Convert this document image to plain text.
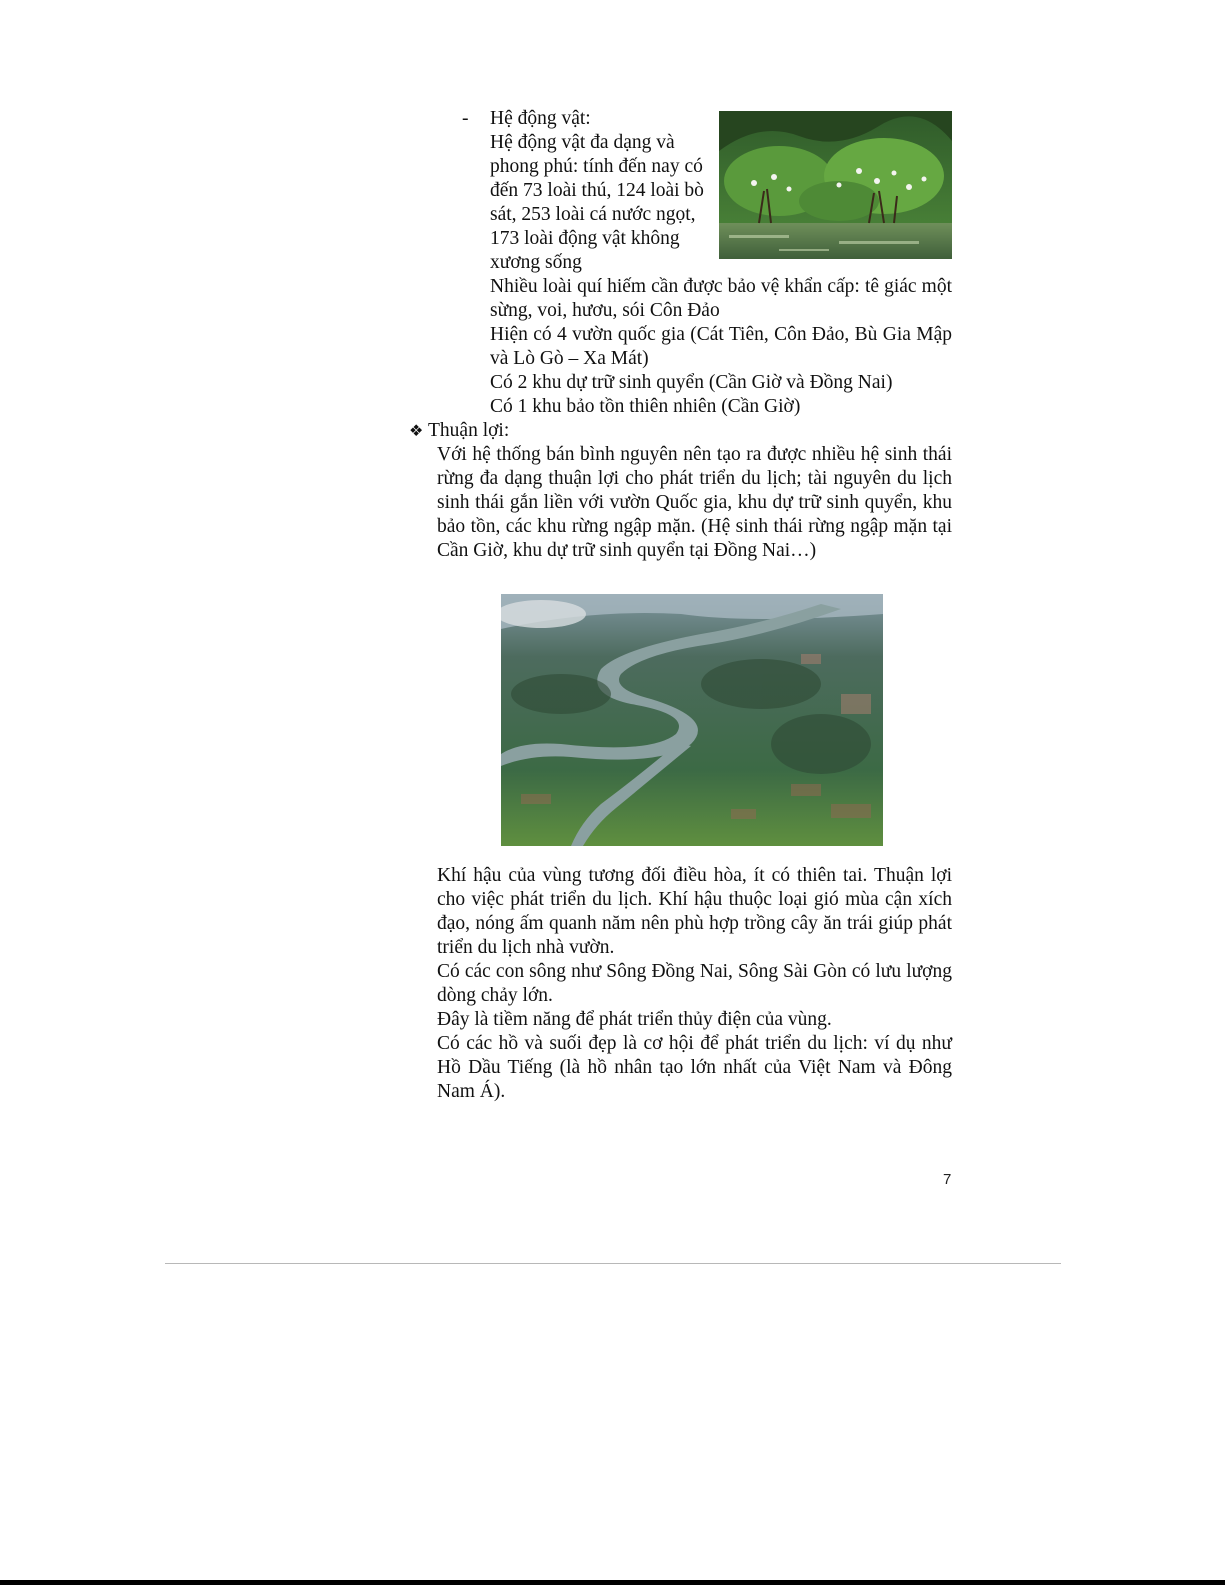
- Hệ động vật:
Hệ động vật đa dạng và
phong phú: tính đến nay có
đến 73 loài thú, 124 loài bò
sát, 253 loài cá nước ngọt,
173 loài động vật không
xương sống
Nhiều loài quí hiếm cần được bảo vệ khẩn cấp: tê giác một sừng, voi, hươu, sói Côn Đảo
Hiện có 4 vườn quốc gia (Cát Tiên, Côn Đảo, Bù Gia Mập và Lò Gò – Xa Mát)
Có 2 khu dự trữ sinh quyển (Cần Giờ và Đồng Nai)
Có 1 khu bảo tồn thiên nhiên (Cần Giờ)
❖ Thuận lợi:
Với hệ thống bán bình nguyên nên tạo ra được nhiều hệ sinh thái rừng đa dạng thuận lợi cho phát triển du lịch; tài nguyên du lịch sinh thái gắn liền với vườn Quốc gia, khu dự trữ sinh quyển, khu bảo tồn, các khu rừng ngập mặn. (Hệ sinh thái rừng ngập mặn tại Cần Giờ, khu dự trữ sinh quyển tại Đồng Nai…)
Khí hậu của vùng tương đối điều hòa, ít có thiên tai. Thuận lợi cho việc phát triển du lịch. Khí hậu thuộc loại gió mùa cận xích đạo, nóng ấm quanh năm nên phù hợp trồng cây ăn trái giúp phát triển du lịch nhà vườn.
Có các con sông như Sông Đồng Nai, Sông Sài Gòn có lưu lượng dòng chảy lớn.
Đây là tiềm năng để phát triển thủy điện của vùng.
Có các hồ và suối đẹp là cơ hội để phát triển du lịch: ví dụ như Hồ Dầu Tiếng (là hồ nhân tạo lớn nhất của Việt Nam và Đông Nam Á).
7
